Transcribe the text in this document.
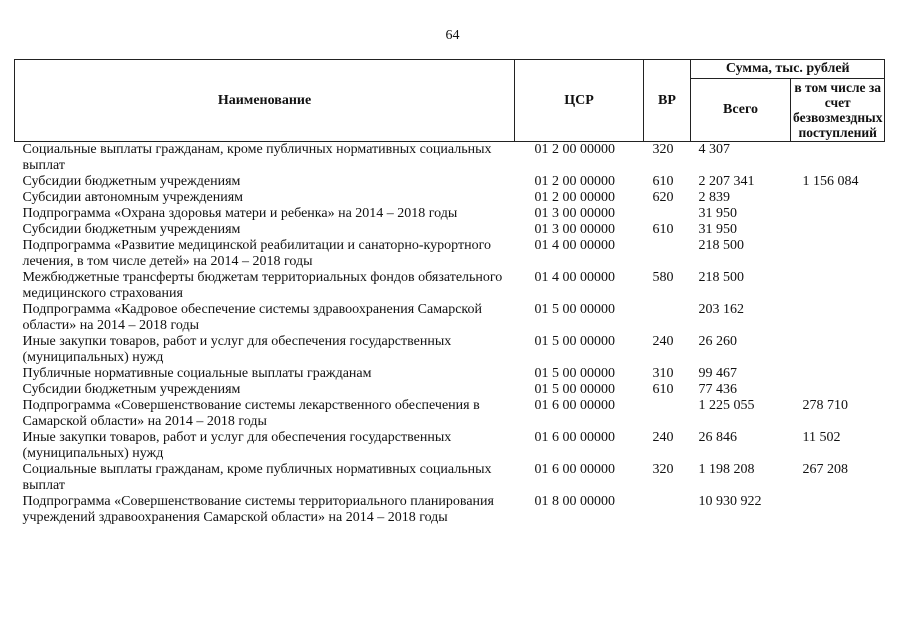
64
Наименование	ЦСР	ВР	Сумма, тыс. рублей	
			Всего	в том числе за счет безвозмездных поступлений
Социальные выплаты гражданам, кроме публичных нормативных социальных выплат	01 2 00 00000	320	4 307	
Субсидии бюджетным учреждениям	01 2 00 00000	610	2 207 341	1 156 084
Субсидии автономным учреждениям	01 2 00 00000	620	2 839	
Подпрограмма «Охрана здоровья матери и ребенка» на 2014 – 2018 годы	01 3 00 00000		31 950	
Субсидии бюджетным учреждениям	01 3 00 00000	610	31 950	
Подпрограмма «Развитие медицинской реабилитации и санаторно-курортного лечения, в том числе детей» на 2014 – 2018 годы	01 4 00 00000		218 500	
Межбюджетные трансферты бюджетам территориальных фондов обязательного медицинского страхования	01 4 00 00000	580	218 500	
Подпрограмма «Кадровое обеспечение системы здравоохранения Самарской области» на 2014 – 2018 годы	01 5 00 00000		203 162	
Иные закупки товаров, работ и услуг для обеспечения государственных (муниципальных) нужд	01 5 00 00000	240	26 260	
Публичные нормативные социальные выплаты гражданам	01 5 00 00000	310	99 467	
Субсидии бюджетным учреждениям	01 5 00 00000	610	77 436	
Подпрограмма «Совершенствование системы лекарственного обеспечения в Самарской области» на 2014 – 2018 годы	01 6 00 00000		1 225 055	278 710
Иные закупки товаров, работ и услуг для обеспечения государственных (муниципальных) нужд	01 6 00 00000	240	26 846	11 502
Социальные выплаты гражданам, кроме публичных нормативных социальных выплат	01 6 00 00000	320	1 198 208	267 208
Подпрограмма «Совершенствование системы территориального планирования учреждений здравоохранения Самарской области» на 2014 – 2018 годы	01 8 00 00000		10 930 922	
